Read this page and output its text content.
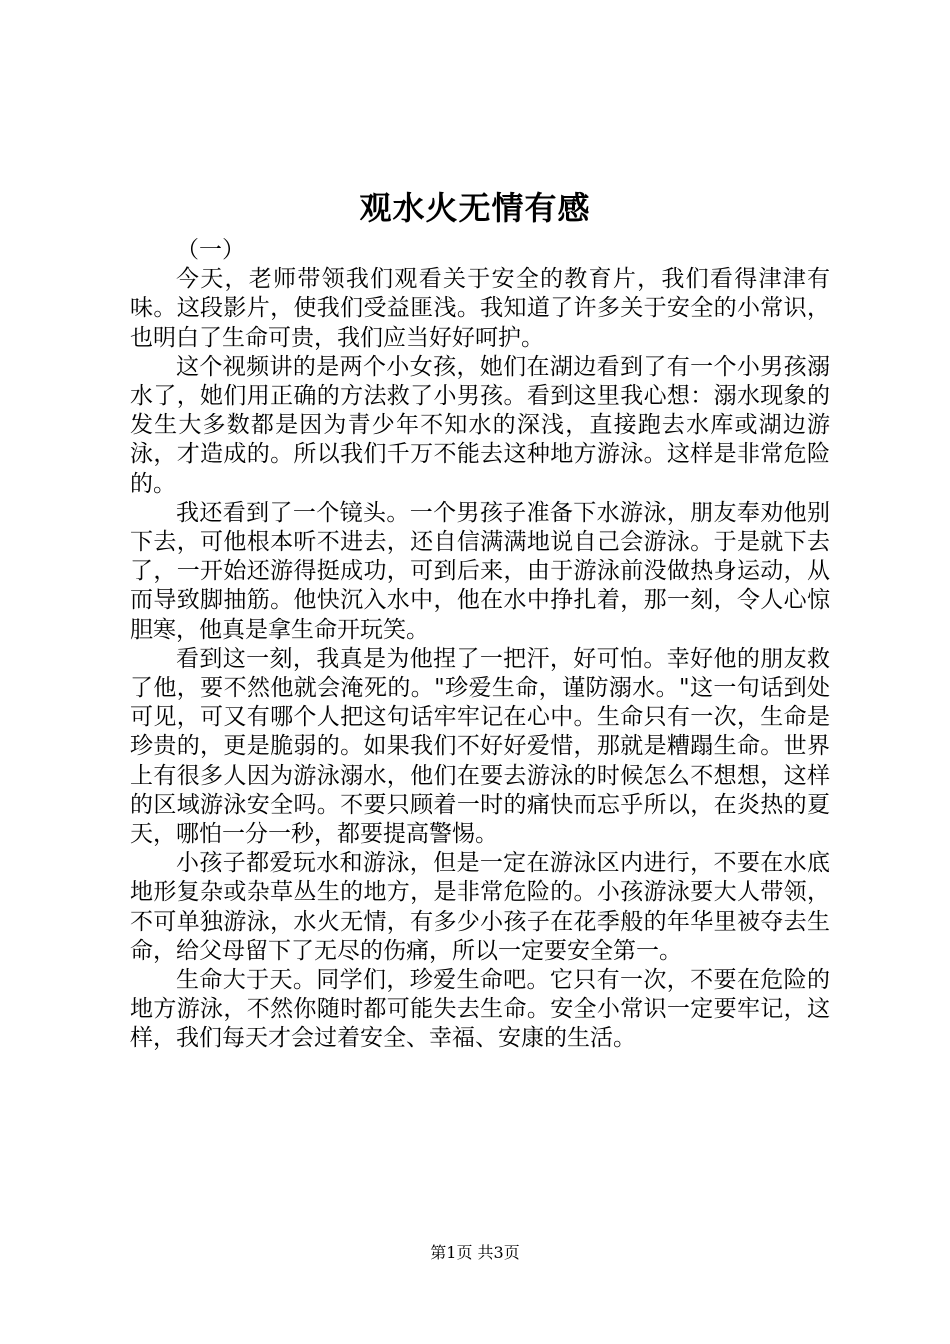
观水火无情有感
（一）

今天，老师带领我们观看关于安全的教育片，我们看得津津有味。这段影片，使我们受益匪浅。我知道了许多关于安全的小常识，也明白了生命可贵，我们应当好好呵护。

这个视频讲的是两个小女孩，她们在湖边看到了有一个小男孩溺水了，她们用正确的方法救了小男孩。看到这里我心想：溺水现象的发生大多数都是因为青少年不知水的深浅，直接跑去水库或湖边游泳，才造成的。所以我们千万不能去这种地方游泳。这样是非常危险的。

我还看到了一个镜头。一个男孩子准备下水游泳，朋友奉劝他别下去，可他根本听不进去，还自信满满地说自己会游泳。于是就下去了，一开始还游得挺成功，可到后来，由于游泳前没做热身运动，从而导致脚抽筋。他快沉入水中，他在水中挣扎着，那一刻，令人心惊胆寒，他真是拿生命开玩笑。

看到这一刻，我真是为他捏了一把汗，好可怕。幸好他的朋友救了他，要不然他就会淹死的。"珍爱生命，谨防溺水。"这一句话到处可见，可又有哪个人把这句话牢牢记在心中。生命只有一次，生命是珍贵的，更是脆弱的。如果我们不好好爱惜，那就是糟蹋生命。世界上有很多人因为游泳溺水，他们在要去游泳的时候怎么不想想，这样的区域游泳安全吗。不要只顾着一时的痛快而忘乎所以，在炎热的夏天，哪怕一分一秒，都要提高警惕。

小孩子都爱玩水和游泳，但是一定在游泳区内进行，不要在水底地形复杂或杂草丛生的地方，是非常危险的。小孩游泳要大人带领，不可单独游泳，水火无情，有多少小孩子在花季般的年华里被夺去生命，给父母留下了无尽的伤痛，所以一定要安全第一。

生命大于天。同学们，珍爱生命吧。它只有一次，不要在危险的地方游泳，不然你随时都可能失去生命。安全小常识一定要牢记，这样，我们每天才会过着安全、幸福、安康的生活。

第1页 共3页
